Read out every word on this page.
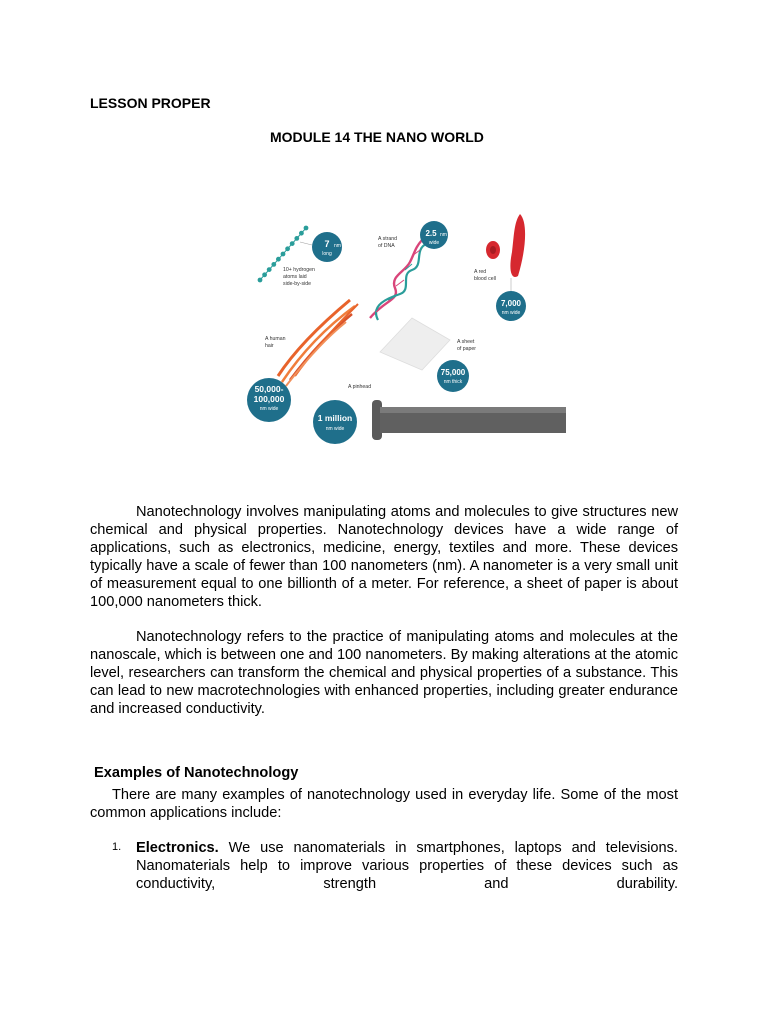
LESSON PROPER
MODULE 14 THE NANO WORLD
7 nm
long
10+ hydrogen
atoms laid
side-by-side
A strand
of DNA
2.5 nm
wide
A red
blood cell
7,000
nm wide
A human
hair
50,000-
100,000
nm wide
A sheet
of paper
75,000
nm thick
A pinhead
1 million
nm wide
Nanotechnology involves manipulating atoms and molecules to give structures new chemical and physical properties. Nanotechnology devices have a wide range of applications, such as electronics, medicine, energy, textiles and more. These devices typically have a scale of fewer than 100 nanometers (nm). A nanometer is a very small unit of measurement equal to one billionth of a meter. For reference, a sheet of paper is about 100,000 nanometers thick.
Nanotechnology refers to the practice of manipulating atoms and molecules at the nanoscale, which is between one and 100 nanometers. By making alterations at the atomic level, researchers can transform the chemical and physical properties of a substance. This can lead to new macrotechnologies with enhanced properties, including greater endurance and increased conductivity.
Examples of Nanotechnology
There are many examples of nanotechnology used in everyday life. Some of the most common applications include:
1. Electronics. We use nanomaterials in smartphones, laptops and televisions. Nanomaterials help to improve various properties of these devices such as conductivity, strength and durability.
